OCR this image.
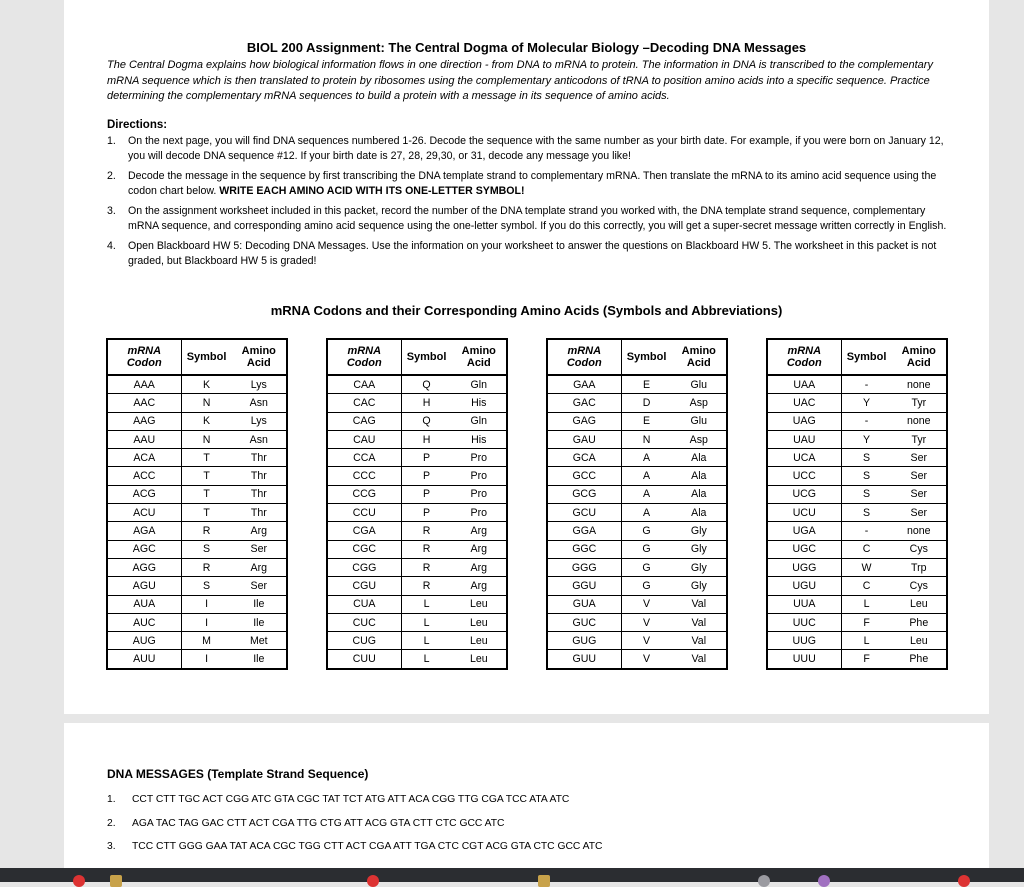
BIOL 200 Assignment: The Central Dogma of Molecular Biology –Decoding DNA Messages
The Central Dogma explains how biological information flows in one direction - from DNA to mRNA to protein. The information in DNA is transcribed to the complementary mRNA sequence which is then translated to protein by ribosomes using the complementary anticodons of tRNA to position amino acids into a specific sequence. Practice determining the complementary mRNA sequences to build a protein with a message in its sequence of amino acids.
Directions:
1. On the next page, you will find DNA sequences numbered 1-26. Decode the sequence with the same number as your birth date. For example, if you were born on January 12, you will decode DNA sequence #12. If your birth date is 27, 28, 29,30, or 31, decode any message you like!
2. Decode the message in the sequence by first transcribing the DNA template strand to complementary mRNA. Then translate the mRNA to its amino acid sequence using the codon chart below. WRITE EACH AMINO ACID WITH ITS ONE-LETTER SYMBOL!
3. On the assignment worksheet included in this packet, record the number of the DNA template strand you worked with, the DNA template strand sequence, complementary mRNA sequence, and corresponding amino acid sequence using the one-letter symbol. If you do this correctly, you will get a super-secret message written correctly in English.
4. Open Blackboard HW 5: Decoding DNA Messages. Use the information on your worksheet to answer the questions on Blackboard HW 5. The worksheet in this packet is not graded, but Blackboard HW 5 is graded!
mRNA Codons and their Corresponding Amino Acids (Symbols and Abbreviations)
mRNA
Codon	Symbol	Amino
Acid
AAA	K	Lys
AAC	N	Asn
AAG	K	Lys
AAU	N	Asn
ACA	T	Thr
ACC	T	Thr
ACG	T	Thr
ACU	T	Thr
AGA	R	Arg
AGC	S	Ser
AGG	R	Arg
AGU	S	Ser
AUA	I	Ile
AUC	I	Ile
AUG	M	Met
AUU	I	Ile
mRNA
Codon	Symbol	Amino
Acid
CAA	Q	Gln
CAC	H	His
CAG	Q	Gln
CAU	H	His
CCA	P	Pro
CCC	P	Pro
CCG	P	Pro
CCU	P	Pro
CGA	R	Arg
CGC	R	Arg
CGG	R	Arg
CGU	R	Arg
CUA	L	Leu
CUC	L	Leu
CUG	L	Leu
CUU	L	Leu
mRNA
Codon	Symbol	Amino
Acid
GAA	E	Glu
GAC	D	Asp
GAG	E	Glu
GAU	N	Asp
GCA	A	Ala
GCC	A	Ala
GCG	A	Ala
GCU	A	Ala
GGA	G	Gly
GGC	G	Gly
GGG	G	Gly
GGU	G	Gly
GUA	V	Val
GUC	V	Val
GUG	V	Val
GUU	V	Val
mRNA
Codon	Symbol	Amino
Acid
UAA	-	none
UAC	Y	Tyr
UAG	-	none
UAU	Y	Tyr
UCA	S	Ser
UCC	S	Ser
UCG	S	Ser
UCU	S	Ser
UGA	-	none
UGC	C	Cys
UGG	W	Trp
UGU	C	Cys
UUA	L	Leu
UUC	F	Phe
UUG	L	Leu
UUU	F	Phe
DNA MESSAGES (Template Strand Sequence)
1. CCT CTT TGC ACT CGG ATC GTA CGC TAT TCT ATG ATT ACA CGG TTG CGA TCC ATA ATC
2. AGA TAC TAG GAC CTT ACT CGA TTG CTG ATT ACG GTA CTT CTC GCC ATC
3. TCC CTT GGG GAA TAT ACA CGC TGG CTT ACT CGA ATT TGA CTC CGT ACG GTA CTC GCC ATC
